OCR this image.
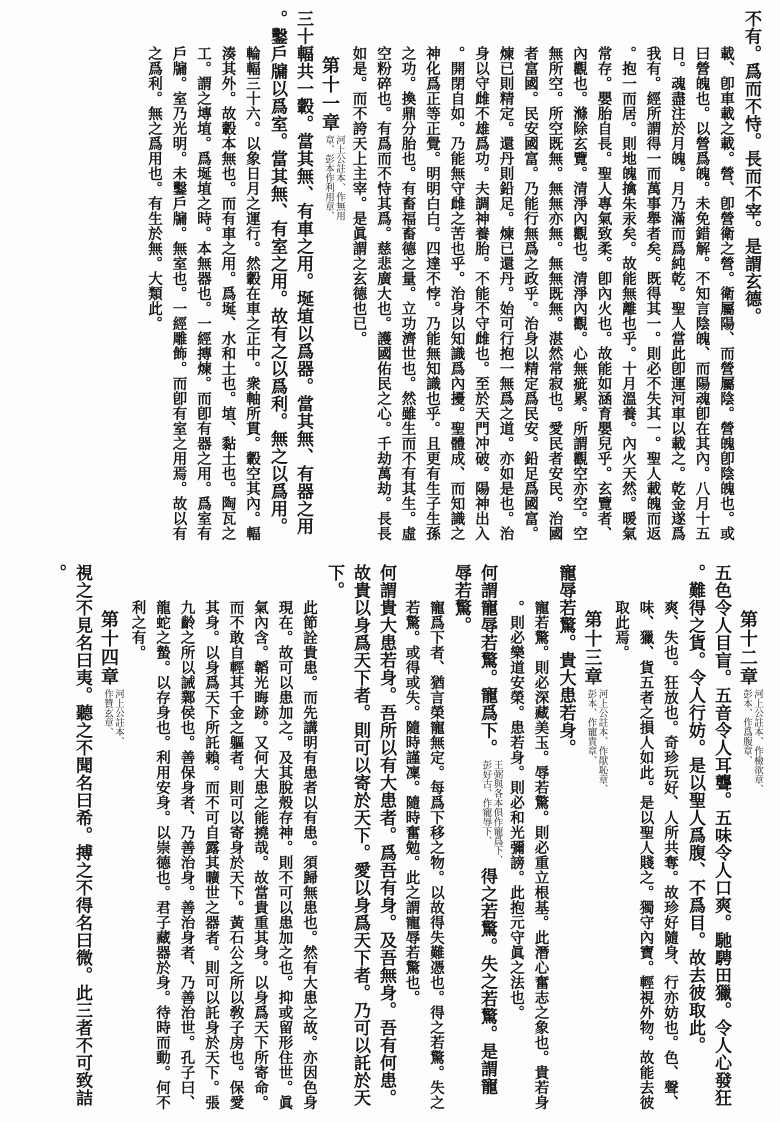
不有。爲而不恃。長而不宰。是謂玄德。

載、卽車載之載。營、卽營衛之營。衛屬陽、而營屬陰。營魄卽陰魄也。或曰營魄也。以營爲魄。未免錯解。不知言陰魄、而陽魂卽在其內。八月十五日。魂盡注於月魄。月乃滿而爲純乾。聖人當此卽運河車以載之。乾金遂爲我有。經所謂得一而萬事舉者矣。既得其一。則必不失其一。聖人載魄而返。抱一而居。則地魄擒朱汞矣。故能無離也乎。十月溫養。內火天然。暖氣常存。嬰胎自長。聖人專氣致柔。卽內火也。故能如涵育嬰兒乎。玄覽者、內觀也。滌除玄覽。清淨內觀也。清淨內觀。心無疵累。所謂觀空亦空。空無所空。所空既無。無無亦無。無無既無。湛然常寂也。愛民者安民。治國者富國。民安國富。乃能行無爲之政乎。治身以精定爲民安。鉛足爲國富。煉已則精定。還丹則鉛足。煉已還丹。始可行抱一無爲之道。亦如是也。治身以守雌不雄爲功。夫調神養胎。不能不守雌也。至於天門冲破。陽神出入。開閉自如。乃能無守雌之苦也乎。治身以知識爲內擾。聖體成、而知識之神化爲正等正覺。明明白白。四達不悖。乃能無知識也乎。且更有生子生孫之功。換鼎分胎也。有畜福畜德之量。立功濟世也。然雖生而不有其生。虛空粉碎也。有爲而不恃其爲。慈悲廣大也。護國佑民之心。千劫萬劫。長長如是。而不誇天上主宰。是眞謂之玄德也已。

第十一章河上公註本、作無用章、彭本作利用章、

三十輻共一轂。當其無、有車之用。埏埴以爲器。當其無、有器之用。鑿戶牖以爲室。當其無、有室之用。故有之以爲利。無之以爲用。

輪輻三十六。以象日月之運行。然轂在車之正中。衆軸所貫。轂空其內。輻湊其外。故轂本無也。而有車之用。爲埏、水和土也。埴、黏土也。陶瓦之工。謂之塼埴。爲埏埴之時。本無器也。一經摶煉。而卽有器之用。爲室有戶牖。室乃光明。未鑿戶牖。無室也。一經雕飾。而卽有室之用焉。故以有之爲利。無之爲用也。有生於無。大類此。

第十二章河上公註本、作檢欲章、彭本、作爲腹章、

五色令人目盲。五音令人耳聾。五味令人口爽。馳騁田獵。令人心發狂。難得之貨。令人行妨。是以聖人爲腹、不爲目。故去彼取此。

爽、失也。狂放也。奇珍玩好、人所共奪。故珍好隨身、行亦妨也。色、聲、味、獵、貨五者之損人如此。是以聖人賤之。獨守內寶。輕視外物。故能去彼取此焉。

第十三章河上公註本、作猒恥章、彭本、作寵貴章、

寵辱若驚。貴大患若身。

寵若驚。則必深藏美玉。辱若驚。則必重立根基。此潛心奮志之象也。貴若身。則必樂道安榮。患若身。則必和光彌謗。此抱元守眞之法也。

何謂寵辱若驚。寵爲下。王弼與各本俱作寵爲下、彭好古、作寵辱下、得之若驚。失之若驚。是謂寵辱若驚。

寵爲下者、猶言榮寵無定。每爲下移之物。以故得失難憑也。得之若驚。失之若驚。或得或失。隨時謹凜。隨時奮勉。此之謂寵辱若驚也。

何謂貴大患若身。吾所以有大患者。爲吾有身。及吾無身。吾有何患。故貴以身爲天下者。則可以寄於天下。愛以身爲天下者。乃可以託於天下。

此節詮貴患。而先講明有患者以有患。須歸無患也。然有大患之故。亦因色身現在。故可以患加之。及其脫殼存神。則不可以患加之也。抑或留形住世。眞氣內含。韜光晦跡。又何大患之能撓哉。故當貴重其身。以身爲天下所寄命。而不敢自輕其千金之軀者。則可以寄身於天下。黃石公之所以敎子房也。保愛其身。以身爲天下所託賴。而不可自露其曠世之器者。則可以託身於天下。張九齡之所以誡鄴侯也。善保身者、乃善治身。善治身者、乃善治世。孔子曰、龍蛇之蟄。以存身也。利用安身。以崇德也。君子藏器於身。待時而動。何不利之有。

第十四章河上公註本、作贊玄章、

視之不見名曰夷。聽之不聞名曰希。搏之不得名曰微。此三者不可致詰。
